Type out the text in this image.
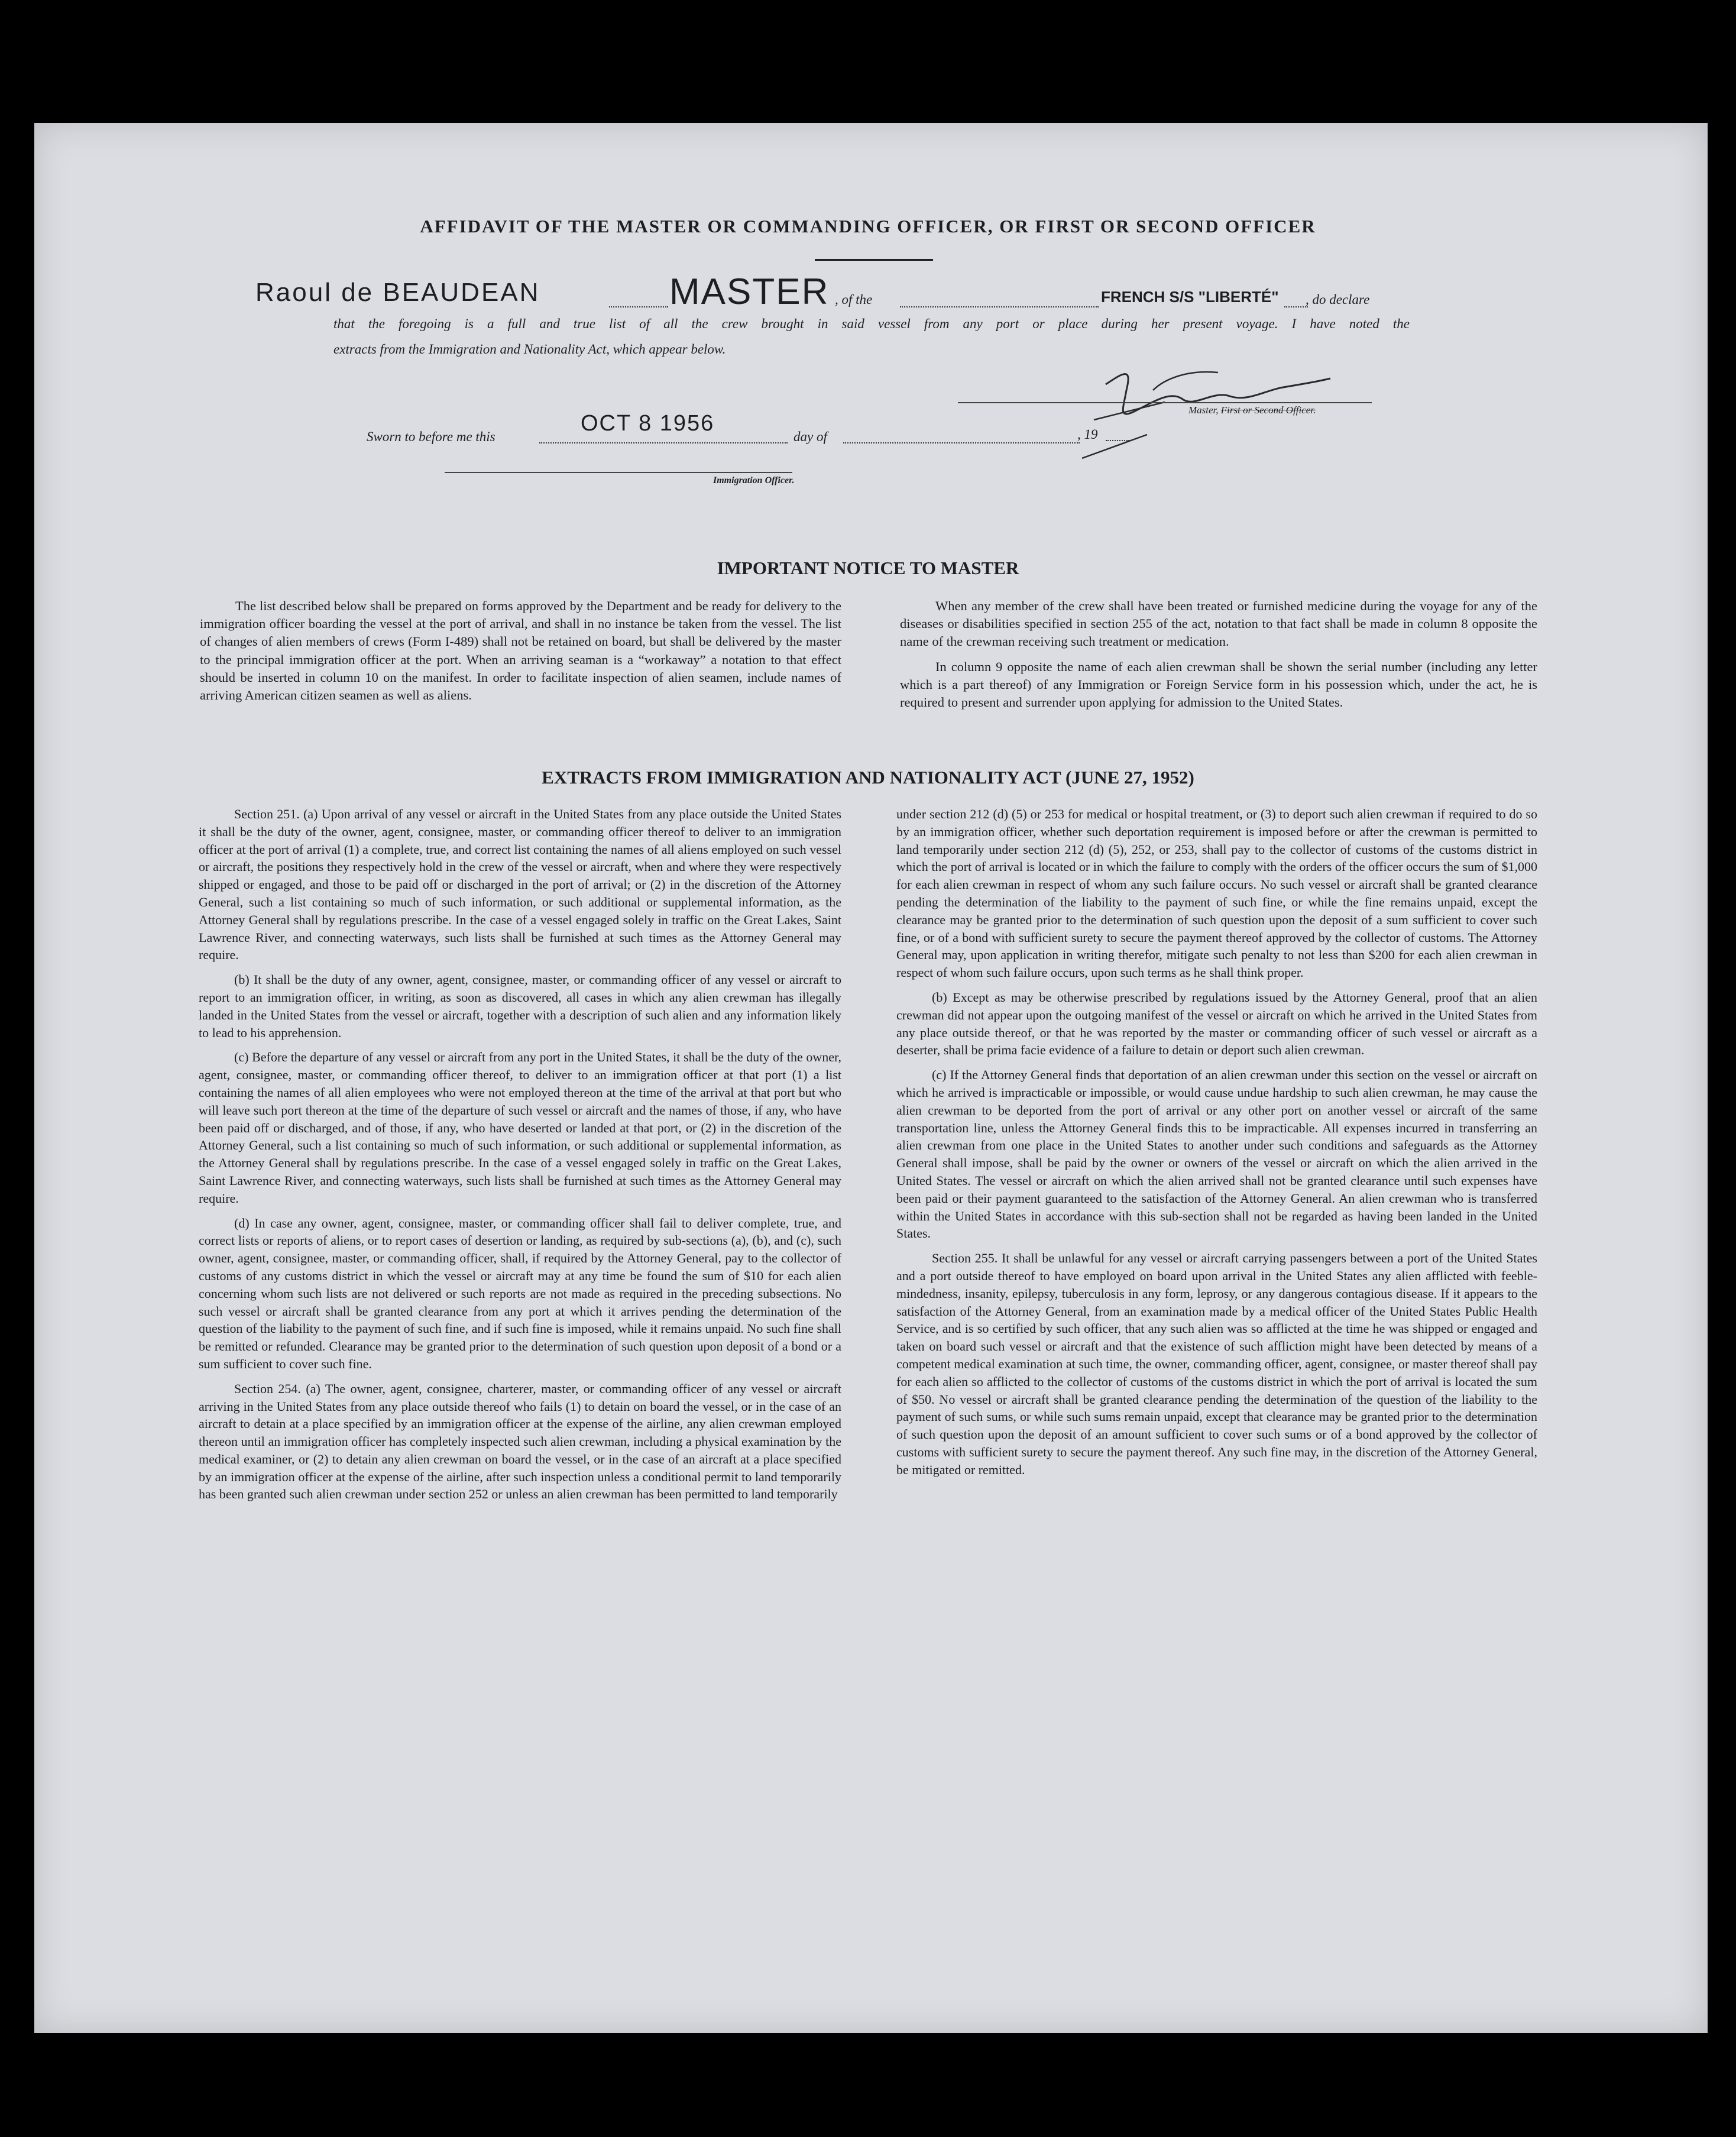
AFFIDAVIT OF THE MASTER OR COMMANDING OFFICER, OR FIRST OR SECOND OFFICER
Raoul de BEAUDEAN	MASTER , of the	FRENCH S/S "LIBERTÉ" , do declare
that the foregoing is a full and true list of all the crew brought in said vessel from any port or place during her present voyage. I have noted the
extracts from the Immigration and Nationality Act, which appear below.
Master, First or Second Officer.
Sworn to before me this
OCT 8 1956
day of	, 19
Immigration Officer.
IMPORTANT NOTICE TO MASTER

The list described below shall be prepared on forms approved by the Department and be ready for delivery to the immigration officer boarding the vessel at the port of arrival, and shall in no instance be taken from the vessel. The list of changes of alien members of crews (Form I-489) shall not be retained on board, but shall be delivered by the master to the principal immigration officer at the port. When an arriving seaman is a “workaway” a notation to that effect should be inserted in column 10 on the manifest. In order to facilitate inspection of alien seamen, include names of arriving American citizen seamen as well as aliens.

When any member of the crew shall have been treated or furnished medicine during the voyage for any of the diseases or disabilities specified in section 255 of the act, notation to that fact shall be made in column 8 opposite the name of the crewman receiving such treatment or medication.

In column 9 opposite the name of each alien crewman shall be shown the serial number (including any letter which is a part thereof) of any Immigration or Foreign Service form in his possession which, under the act, he is required to present and surrender upon applying for admission to the United States.

EXTRACTS FROM IMMIGRATION AND NATIONALITY ACT (JUNE 27, 1952)

Section 251. (a) Upon arrival of any vessel or aircraft in the United States from any place outside the United States it shall be the duty of the owner, agent, consignee, master, or commanding officer thereof to deliver to an immigration officer at the port of arrival (1) a complete, true, and correct list containing the names of all aliens employed on such vessel or aircraft, the positions they respectively hold in the crew of the vessel or aircraft, when and where they were respectively shipped or engaged, and those to be paid off or discharged in the port of arrival; or (2) in the discretion of the Attorney General, such a list containing so much of such information, or such additional or supplemental information, as the Attorney General shall by regulations prescribe. In the case of a vessel engaged solely in traffic on the Great Lakes, Saint Lawrence River, and connecting waterways, such lists shall be furnished at such times as the Attorney General may require.

(b) It shall be the duty of any owner, agent, consignee, master, or commanding officer of any vessel or aircraft to report to an immigration officer, in writing, as soon as discovered, all cases in which any alien crewman has illegally landed in the United States from the vessel or aircraft, together with a description of such alien and any information likely to lead to his apprehension.

(c) Before the departure of any vessel or aircraft from any port in the United States, it shall be the duty of the owner, agent, consignee, master, or commanding officer thereof, to deliver to an immigration officer at that port (1) a list containing the names of all alien employees who were not employed thereon at the time of the arrival at that port but who will leave such port thereon at the time of the departure of such vessel or aircraft and the names of those, if any, who have been paid off or discharged, and of those, if any, who have deserted or landed at that port, or (2) in the discretion of the Attorney General, such a list containing so much of such information, or such additional or supplemental information, as the Attorney General shall by regulations prescribe. In the case of a vessel engaged solely in traffic on the Great Lakes, Saint Lawrence River, and connecting waterways, such lists shall be furnished at such times as the Attorney General may require.

(d) In case any owner, agent, consignee, master, or commanding officer shall fail to deliver complete, true, and correct lists or reports of aliens, or to report cases of desertion or landing, as required by sub-sections (a), (b), and (c), such owner, agent, consignee, master, or commanding officer, shall, if required by the Attorney General, pay to the collector of customs of any customs district in which the vessel or aircraft may at any time be found the sum of $10 for each alien concerning whom such lists are not delivered or such reports are not made as required in the preceding subsections. No such vessel or aircraft shall be granted clearance from any port at which it arrives pending the determination of the question of the liability to the payment of such fine, and if such fine is imposed, while it remains unpaid. No such fine shall be remitted or refunded. Clearance may be granted prior to the determination of such question upon deposit of a bond or a sum sufficient to cover such fine.

Section 254. (a) The owner, agent, consignee, charterer, master, or commanding officer of any vessel or aircraft arriving in the United States from any place outside thereof who fails (1) to detain on board the vessel, or in the case of an aircraft to detain at a place specified by an immigration officer at the expense of the airline, any alien crewman employed thereon until an immigration officer has completely inspected such alien crewman, including a physical examination by the medical examiner, or (2) to detain any alien crewman on board the vessel, or in the case of an aircraft at a place specified by an immigration officer at the expense of the airline, after such inspection unless a conditional permit to land temporarily has been granted such alien crewman under section 252 or unless an alien crewman has been permitted to land temporarily

under section 212 (d) (5) or 253 for medical or hospital treatment, or (3) to deport such alien crewman if required to do so by an immigration officer, whether such deportation requirement is imposed before or after the crewman is permitted to land temporarily under section 212 (d) (5), 252, or 253, shall pay to the collector of customs of the customs district in which the port of arrival is located or in which the failure to comply with the orders of the officer occurs the sum of $1,000 for each alien crewman in respect of whom any such failure occurs. No such vessel or aircraft shall be granted clearance pending the determination of the liability to the payment of such fine, or while the fine remains unpaid, except the clearance may be granted prior to the determination of such question upon the deposit of a sum sufficient to cover such fine, or of a bond with sufficient surety to secure the payment thereof approved by the collector of customs. The Attorney General may, upon application in writing therefor, mitigate such penalty to not less than $200 for each alien crewman in respect of whom such failure occurs, upon such terms as he shall think proper.

(b) Except as may be otherwise prescribed by regulations issued by the Attorney General, proof that an alien crewman did not appear upon the outgoing manifest of the vessel or aircraft on which he arrived in the United States from any place outside thereof, or that he was reported by the master or commanding officer of such vessel or aircraft as a deserter, shall be prima facie evidence of a failure to detain or deport such alien crewman.

(c) If the Attorney General finds that deportation of an alien crewman under this section on the vessel or aircraft on which he arrived is impracticable or impossible, or would cause undue hardship to such alien crewman, he may cause the alien crewman to be deported from the port of arrival or any other port on another vessel or aircraft of the same transportation line, unless the Attorney General finds this to be impracticable. All expenses incurred in transferring an alien crewman from one place in the United States to another under such conditions and safeguards as the Attorney General shall impose, shall be paid by the owner or owners of the vessel or aircraft on which the alien arrived in the United States. The vessel or aircraft on which the alien arrived shall not be granted clearance until such expenses have been paid or their payment guaranteed to the satisfaction of the Attorney General. An alien crewman who is transferred within the United States in accordance with this sub-section shall not be regarded as having been landed in the United States.

Section 255. It shall be unlawful for any vessel or aircraft carrying passengers between a port of the United States and a port outside thereof to have employed on board upon arrival in the United States any alien afflicted with feeble-mindedness, insanity, epilepsy, tuberculosis in any form, leprosy, or any dangerous contagious disease. If it appears to the satisfaction of the Attorney General, from an examination made by a medical officer of the United States Public Health Service, and is so certified by such officer, that any such alien was so afflicted at the time he was shipped or engaged and taken on board such vessel or aircraft and that the existence of such affliction might have been detected by means of a competent medical examination at such time, the owner, commanding officer, agent, consignee, or master thereof shall pay for each alien so afflicted to the collector of customs of the customs district in which the port of arrival is located the sum of $50. No vessel or aircraft shall be granted clearance pending the determination of the question of the liability to the payment of such sums, or while such sums remain unpaid, except that clearance may be granted prior to the determination of such question upon the deposit of an amount sufficient to cover such sums or of a bond approved by the collector of customs with sufficient surety to secure the payment thereof. Any such fine may, in the discretion of the Attorney General, be mitigated or remitted.
